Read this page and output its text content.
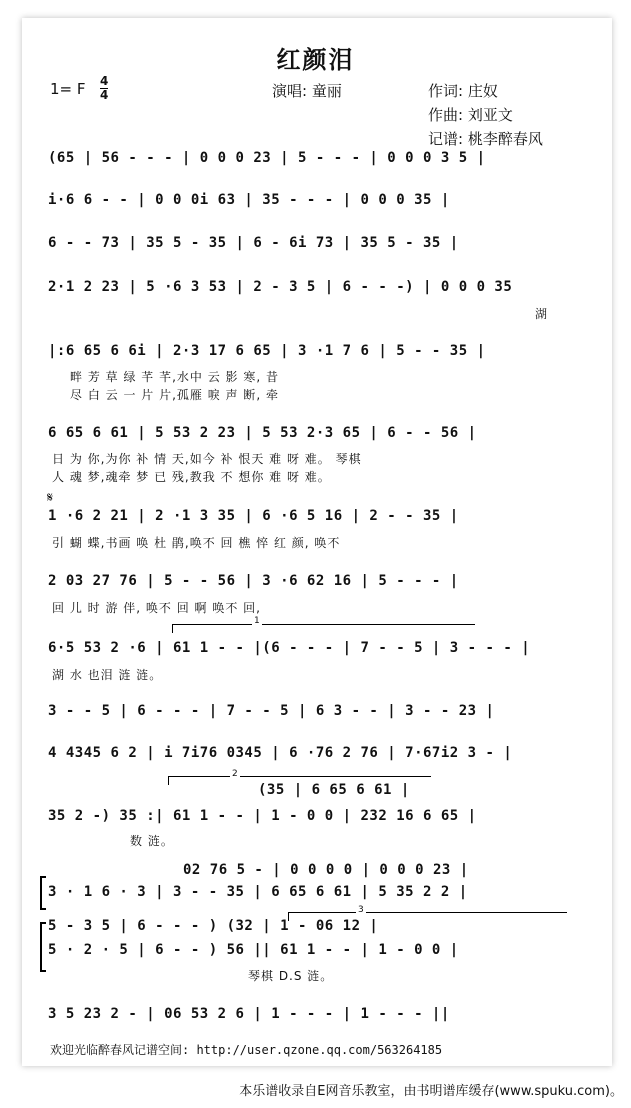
红颜泪
1= F $\frac{4}{4}$	演唱: 童丽	作词: 庄奴
作曲: 刘亚文
记谱: 桃李醉春风
(65 | 56 - - - | 0 0 0 23 | 5 - - - | 0 0 0 3 5 |
i·6 6 - - | 0 0 0i 63 | 35 - - - | 0 0 0 35 |
6 - - 73 | 35 5 - 35 | 6 - 6i 73 | 35 5 - 35 |
2·1 2 23 | 5 ·6 3 53 | 2 - 3 5 | 6 - - -) | 0 0 0 35
湖
|:6 65 6 6i | 2·3 17 6 65 | 3 ·1 7 6 | 5 - - 35 |
畔 芳 草 绿 芊 芊,水中 云 影 寒, 昔
尽 白 云 一 片 片,孤雁 唳 声 断, 牵
6 65 6 61 | 5 53 2 23 | 5 53 2·3 65 | 6 - - 56 |
日 为 你,为你 补 情 天,如今 补 恨天 难 呀 难。 琴棋
人 魂 梦,魂牵 梦 已 残,教我 不 想你 难 呀 难。
𝄋
1 ·6 2 21 | 2 ·1 3 35 | 6 ·6 5 16 | 2 - - 35 |
引 蝴 蝶,书画 唤 杜 鹃,唤不 回 樵 悴 红 颜, 唤不
2 03 27 76 | 5 - - 56 | 3 ·6 62 16 | 5 - - - |
回 儿 时 游 伴, 唤不 回 啊 唤不 回,
1
6·5 53 2 ·6 | 61 1 - - |(6 - - - | 7 - - 5 | 3 - - - |
湖 水 也泪 涟 涟。
3 - - 5 | 6 - - - | 7 - - 5 | 6 3 - - | 3 - - 23 |
4 4345 6 2 | i 7i76 0345 | 6 ·76 2 76 | 7·67i2 3 - |
2
(35 | 6 65 6 61 |
35 2 -) 35 :| 61 1 - - | 1 - 0 0 | 232 16 6 65 |
数 涟。
02 76 5 - | 0 0 0 0 | 0 0 0 23 |
3 · 1 6 · 3 | 3 - - 35 | 6 65 6 61 | 5 35 2 2 |
3
5 - 3 5 | 6 - - - ) (32 | 1 - 06 12 |
5 · 2 · 5 | 6 - - ) 56 || 61 1 - - | 1 - 0 0 |
琴棋 D.S 涟。
3 5 23 2 - | 06 53 2 6 | 1 - - - | 1 - - - ||
欢迎光临醉春风记谱空间: http://user.qzone.qq.com/563264185
本乐谱收录自E网音乐教室，由书明谱库缓存(www.spuku.com)。
